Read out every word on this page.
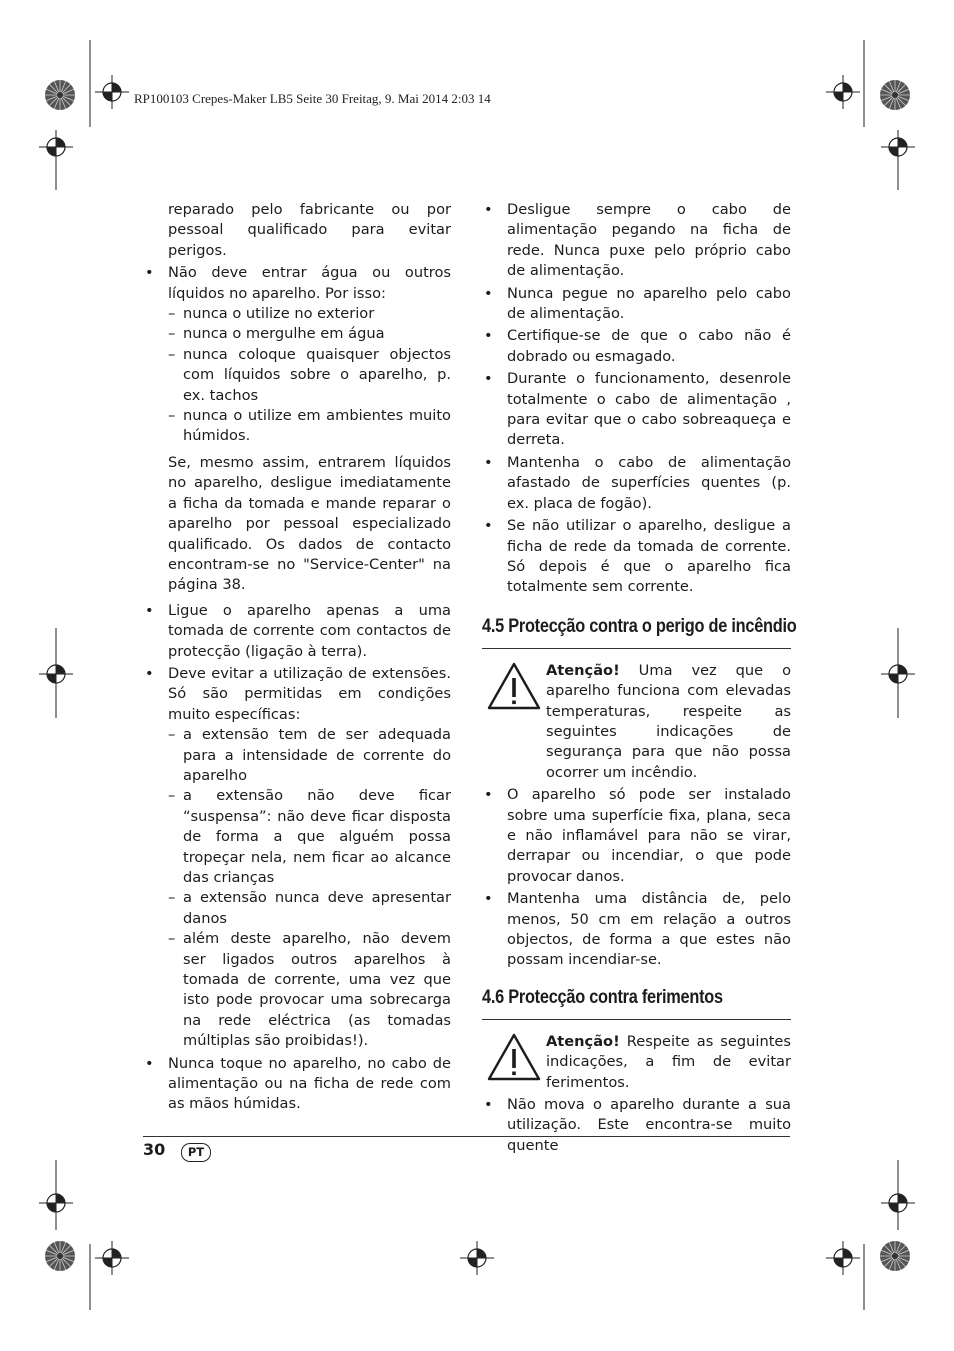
RP100103 Crepes-Maker LB5 Seite 30 Freitag, 9. Mai 2014 2:03 14

reparado pelo fabricante ou por pessoal qualificado para evitar perigos.

• Não deve entrar água ou outros líquidos no aparelho. Por isso:
– nunca o utilize no exterior
– nunca o mergulhe em água
– nunca coloque quaisquer objectos com líquidos sobre o aparelho, p. ex. tachos
– nunca o utilize em ambientes muito húmidos.

Se, mesmo assim, entrarem líquidos no aparelho, desligue imediatamente a ficha da tomada e mande reparar o aparelho por pessoal especializado qualificado. Os dados de contacto encontram-se no "Service-Center" na página 38.

• Ligue o aparelho apenas a uma tomada de corrente com contactos de protecção (ligação à terra).
• Deve evitar a utilização de extensões. Só são permitidas em condições muito específicas:
– a extensão tem de ser adequada para a intensidade de corrente do aparelho
– a extensão não deve ficar “suspensa”: não deve ficar disposta de forma a que alguém possa tropeçar nela, nem ficar ao alcance das crianças
– a extensão nunca deve apresentar danos
– além deste aparelho, não devem ser ligados outros aparelhos à tomada de corrente, uma vez que isto pode provocar uma sobrecarga na rede eléctrica (as tomadas múltiplas são proibidas!).
• Nunca toque no aparelho, no cabo de alimentação ou na ficha de rede com as mãos húmidas.
• Desligue sempre o cabo de alimentação pegando na ficha de rede. Nunca puxe pelo próprio cabo de alimentação.
• Nunca pegue no aparelho pelo cabo de alimentação.
• Certifique-se de que o cabo não é dobrado ou esmagado.
• Durante o funcionamento, desenrole totalmente o cabo de alimentação , para evitar que o cabo sobreaqueça e derreta.
• Mantenha o cabo de alimentação afastado de superfícies quentes (p. ex. placa de fogão).
• Se não utilizar o aparelho, desligue a ficha de rede da tomada de corrente. Só depois é que o aparelho fica totalmente sem corrente.
4.5 Protecção contra o perigo de incêndio

Atenção! Uma vez que o aparelho funciona com elevadas temperaturas, respeite as seguintes indicações de segurança para que não possa ocorrer um incêndio.

• O aparelho só pode ser instalado sobre uma superfície fixa, plana, seca e não inflamável para não se virar, derrapar ou incendiar, o que pode provocar danos.
• Mantenha uma distância de, pelo menos, 50 cm em relação a outros objectos, de forma a que estes não possam incendiar-se.
4.6 Protecção contra ferimentos

Atenção! Respeite as seguintes indicações, a fim de evitar ferimentos.

• Não mova o aparelho durante a sua utilização. Este encontra-se muito quente
30	PT
